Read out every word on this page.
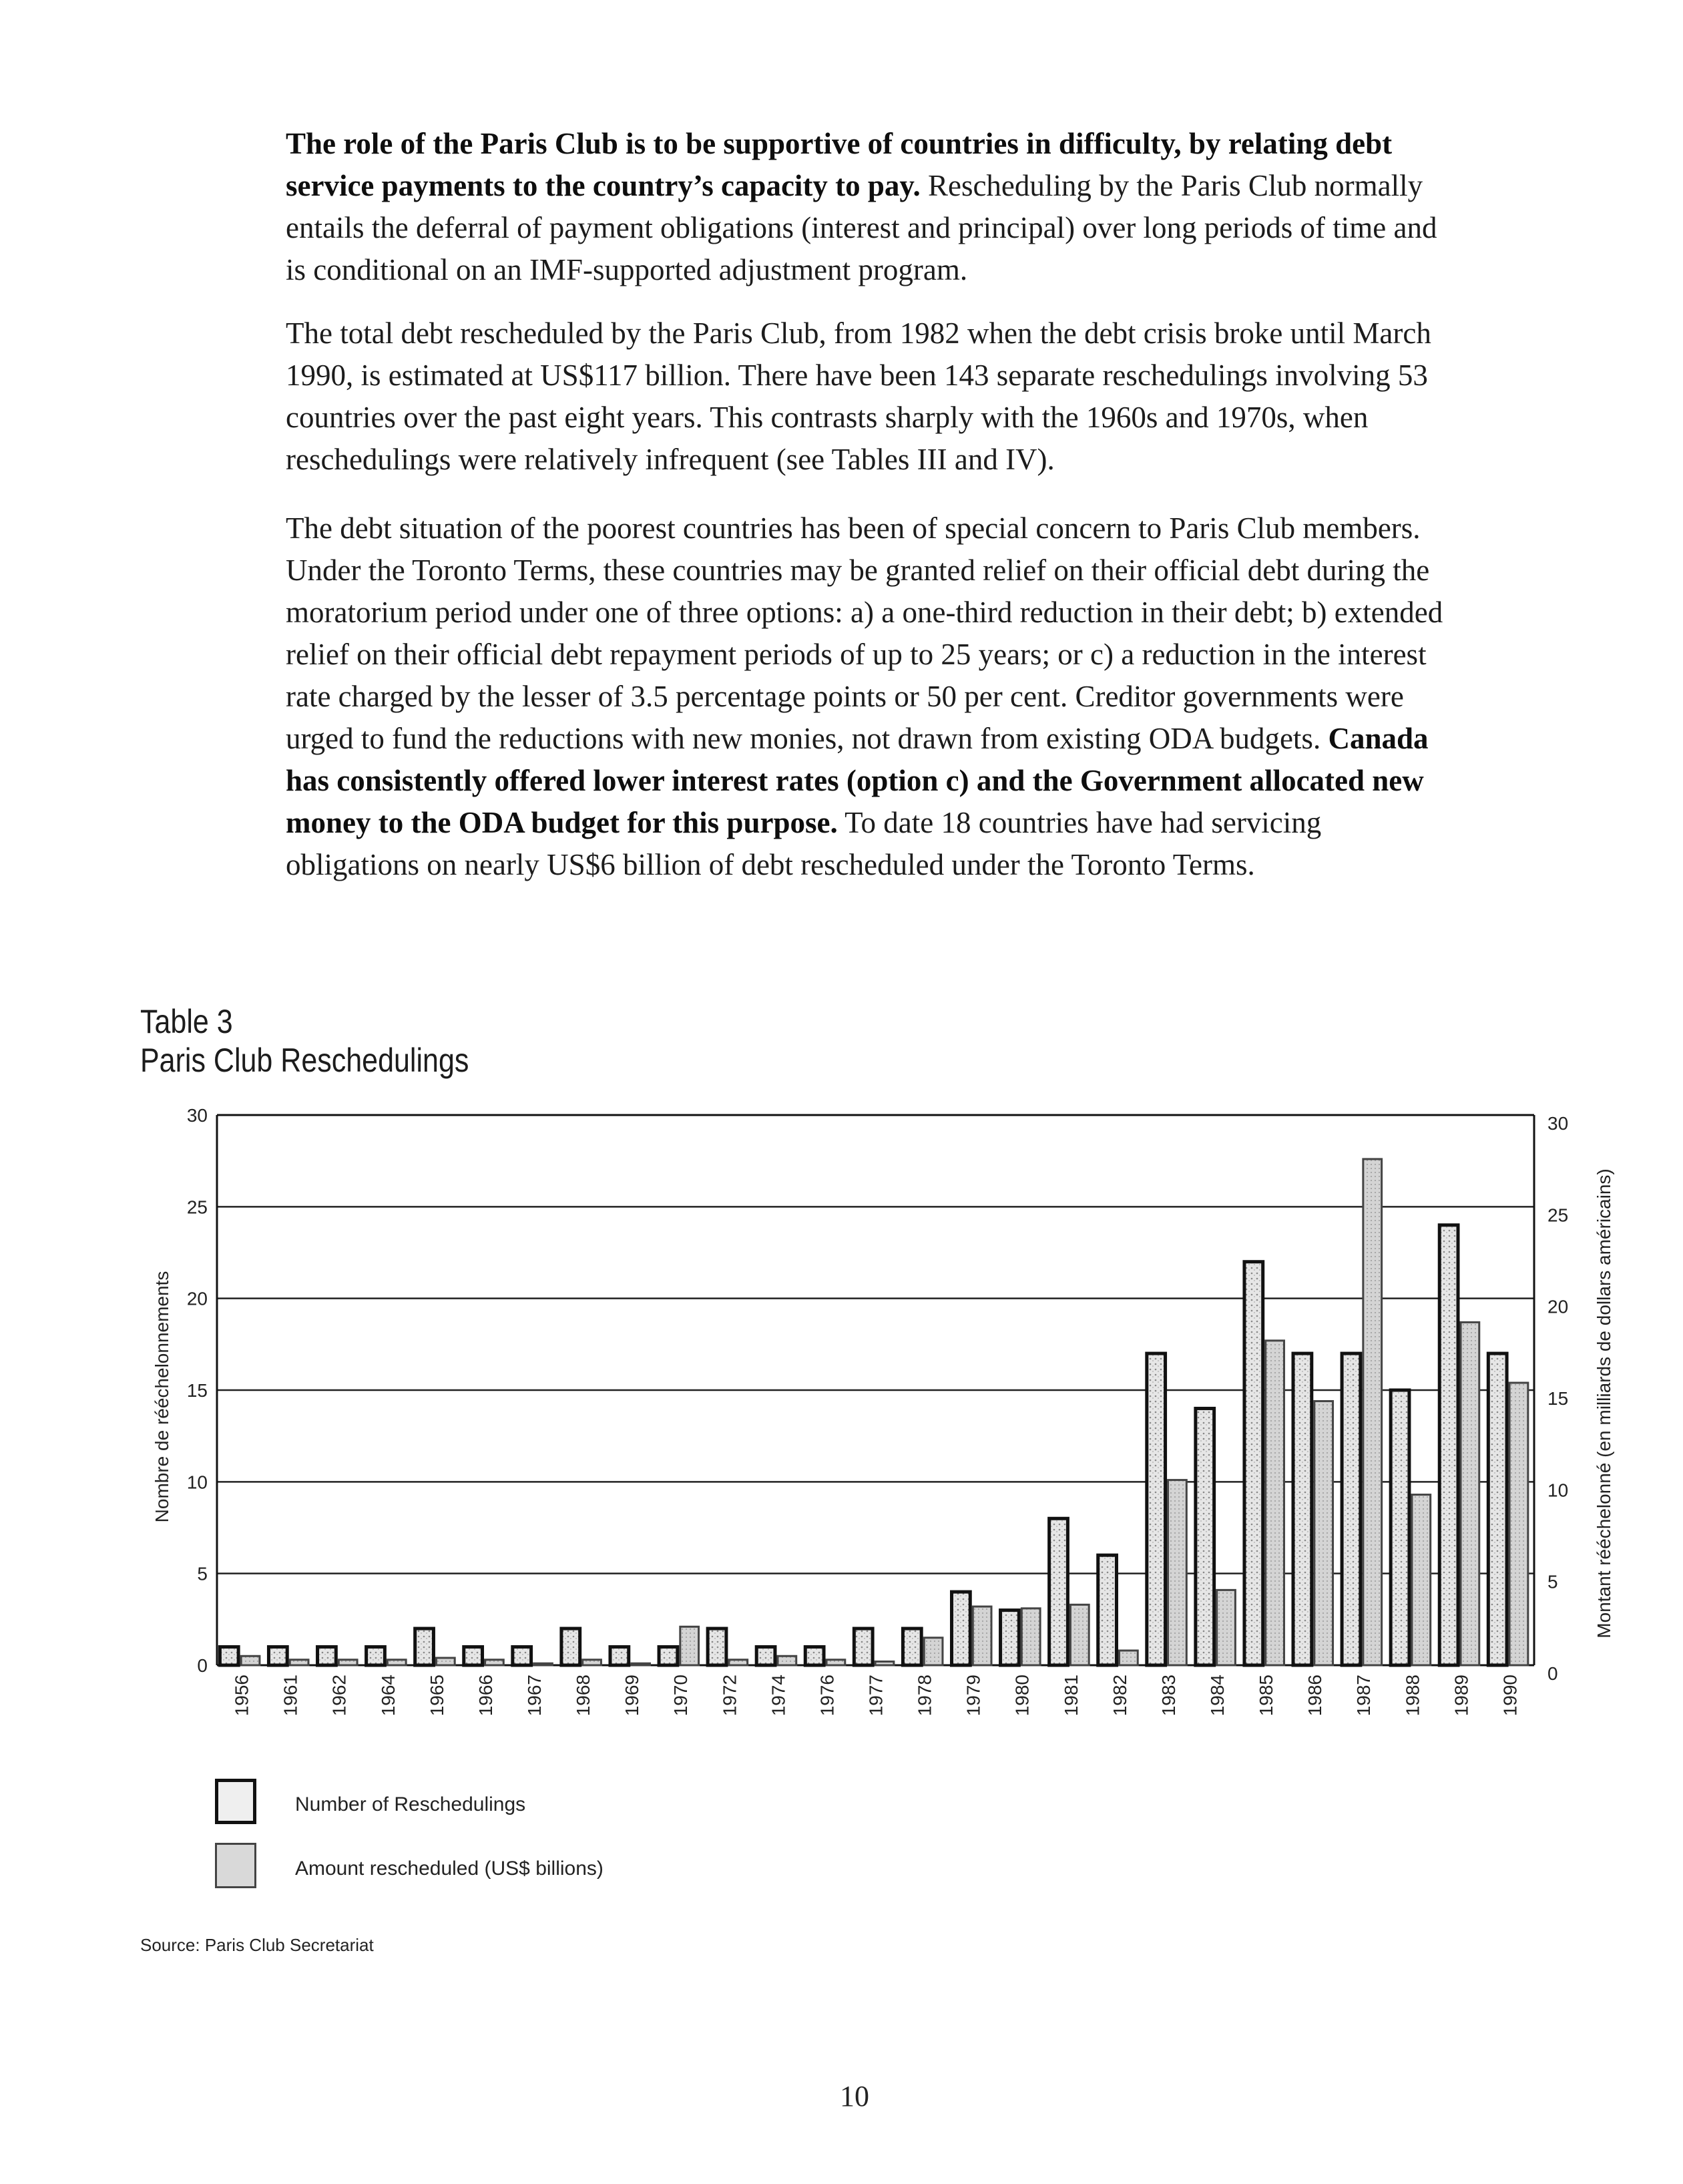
The role of the Paris Club is to be supportive of countries in difficulty, by relating debt service payments to the country’s capacity to pay. Rescheduling by the Paris Club normally entails the deferral of payment obligations (interest and principal) over long periods of time and is conditional on an IMF-supported adjustment program.

The total debt rescheduled by the Paris Club, from 1982 when the debt crisis broke until March 1990, is estimated at US$117 billion. There have been 143 separate reschedulings involving 53 countries over the past eight years. This contrasts sharply with the 1960s and 1970s, when reschedulings were relatively infrequent (see Tables III and IV).

The debt situation of the poorest countries has been of special concern to Paris Club members. Under the Toronto Terms, these countries may be granted relief on their official debt during the moratorium period under one of three options: a) a one-third reduction in their debt; b) extended relief on their official debt repayment periods of up to 25 years; or c) a reduction in the interest rate charged by the lesser of 3.5 percentage points or 50 per cent. Creditor governments were urged to fund the reductions with new monies, not drawn from existing ODA budgets. Canada has consistently offered lower interest rates (option c) and the Government allocated new money to the ODA budget for this purpose. To date 18 countries have had servicing obligations on nearly US$6 billion of debt rescheduled under the Toronto Terms.

Table 3
Paris Club Reschedulings
0	0
5	5
10	10
15	15
20	20
25	25
30	30
1956 1961 1962 1964 1965 1966 1967 1968 1969 1970 1972 1974 1976 1977 1978 1979 1980 1981 1982 1983 1984 1985 1986 1987 1988 1989 1990
Nombre de rééchelonnements	Montant rééchelonné (en milliards de dollars américains)
Number of Reschedulings
Amount rescheduled (US$ billions)
Source: Paris Club Secretariat
10
